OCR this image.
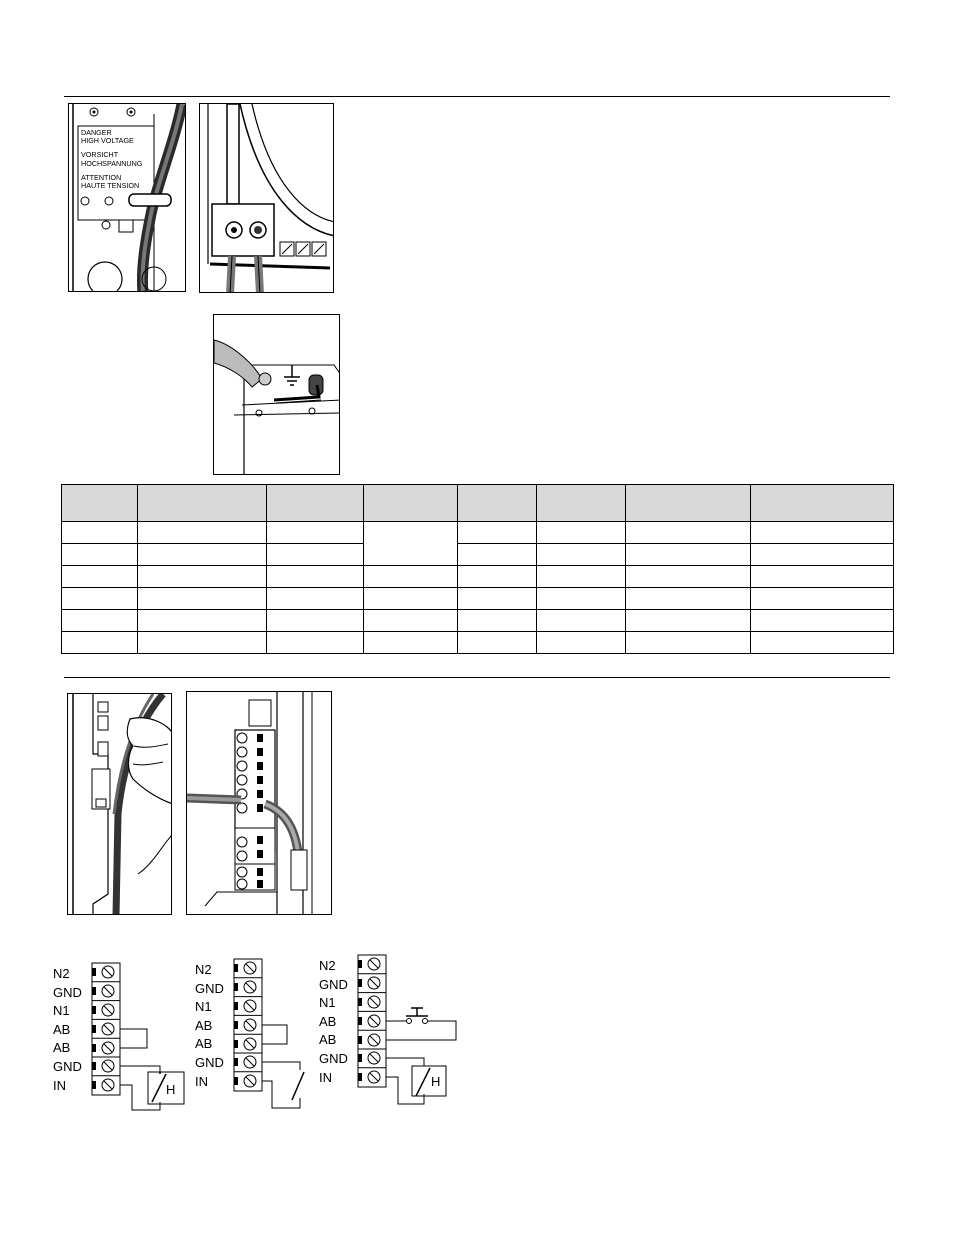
DANGER
HIGH VOLTAGE
VORSICHT
HOCHSPANNUNG
ATTENTION
HAUTE TENSION

N2
GND
N1
AB
AB
GND
IN	H
N2
GND
N1
AB
AB
GND
IN
N2
GND
N1
AB
AB
GND
IN	H
